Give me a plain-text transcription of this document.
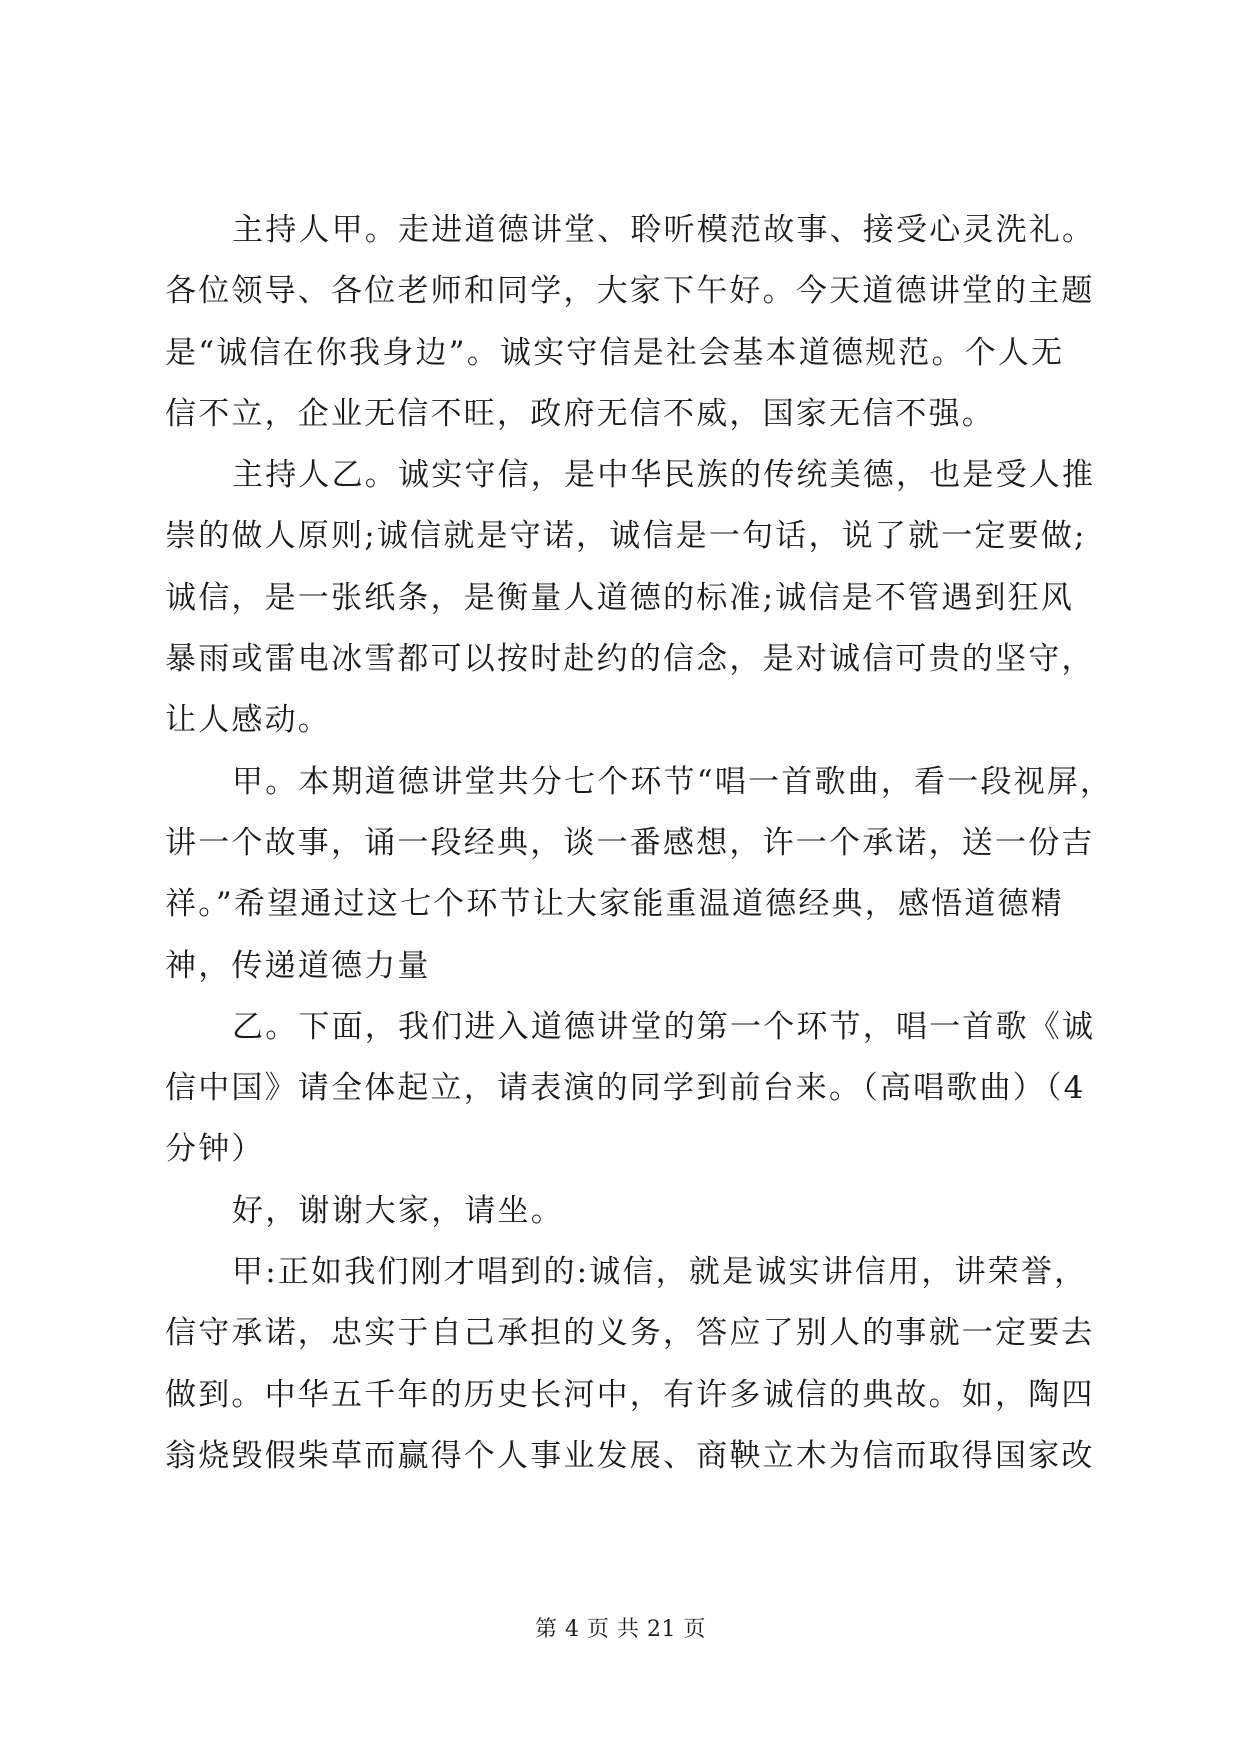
主持人甲。走进道德讲堂、聆听模范故事、接受心灵洗礼。
各位领导、各位老师和同学，大家下午好。今天道德讲堂的主题
是“诚信在你我身边”。诚实守信是社会基本道德规范。个人无
信不立，企业无信不旺，政府无信不威，国家无信不强。
主持人乙。诚实守信，是中华民族的传统美德，也是受人推
崇的做人原则;诚信就是守诺，诚信是一句话，说了就一定要做;
诚信，是一张纸条，是衡量人道德的标准;诚信是不管遇到狂风
暴雨或雷电冰雪都可以按时赴约的信念，是对诚信可贵的坚守，
让人感动。
甲。本期道德讲堂共分七个环节“唱一首歌曲，看一段视屏，
讲一个故事，诵一段经典，谈一番感想，许一个承诺，送一份吉
祥。”希望通过这七个环节让大家能重温道德经典，感悟道德精
神，传递道德力量
乙。下面，我们进入道德讲堂的第一个环节，唱一首歌《诚
信中国》请全体起立，请表演的同学到前台来。（高唱歌曲）（4
分钟）
好，谢谢大家，请坐。
甲:正如我们刚才唱到的:诚信，就是诚实讲信用，讲荣誉，
信守承诺，忠实于自己承担的义务，答应了别人的事就一定要去
做到。中华五千年的历史长河中，有许多诚信的典故。如，陶四
翁烧毁假柴草而赢得个人事业发展、商鞅立木为信而取得国家改
第 4 页 共 21 页
